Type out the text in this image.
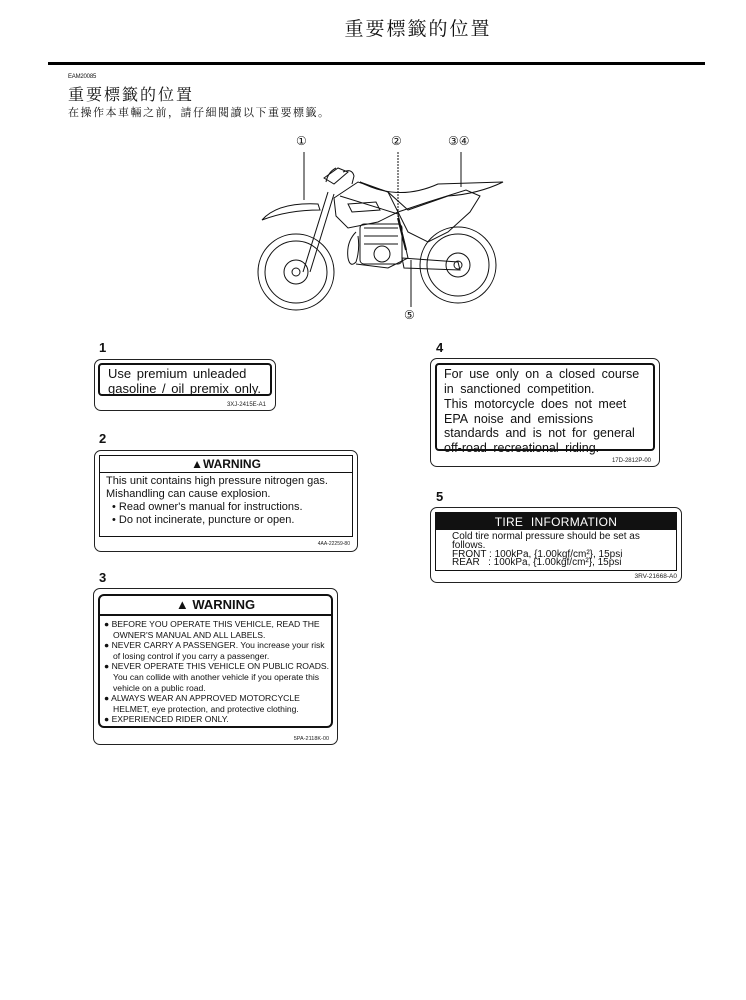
重要標籤的位置
EAM20085
重要標籤的位置
在操作本車輛之前，請仔細閱讀以下重要標籤。
①	②	③④
⑤
1
Use premium unleaded
gasoline / oil premix only.
3XJ-2415E-A1
2
▲WARNING
This unit contains high pressure nitrogen gas.
Mishandling can cause explosion.
• Read owner's manual for instructions.
• Do not incinerate, puncture or open.
4AA-22259-80
3
▲ WARNING
● BEFORE YOU OPERATE THIS VEHICLE, READ THE OWNER'S MANUAL AND ALL LABELS.
● NEVER CARRY A PASSENGER. You increase your risk of losing control if you carry a passenger.
● NEVER OPERATE THIS VEHICLE ON PUBLIC ROADS. You can collide with another vehicle if you operate this vehicle on a public road.
● ALWAYS WEAR AN APPROVED MOTORCYCLE HELMET, eye protection, and protective clothing.
● EXPERIENCED RIDER ONLY.
5PA-2118K-00
4

For use only on a closed course in sanctioned competition.

This motorcycle does not meet EPA noise and emissions standards and is not for general off-road recreational riding.

17D-2812P-00
5
TIRE INFORMATION
Cold tire normal pressure should be set as
follows.
FRONT : 100kPa, {1.00kgf/cm²}, 15psi
REAR   : 100kPa, {1.00kgf/cm²}, 15psi
3RV-21668-A0
